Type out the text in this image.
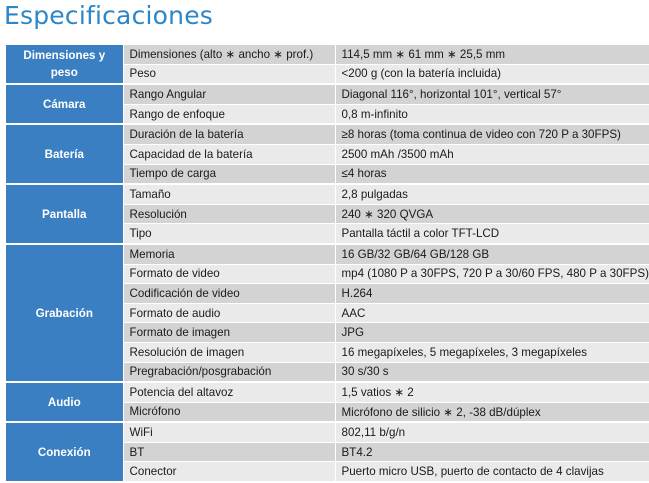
Especificaciones
Dimensiones y peso	Dimensiones (alto ∗ ancho ∗ prof.)	114,5 mm ∗ 61 mm ∗ 25,5 mm
	Peso	<200 g (con la batería incluida)
Cámara	Rango Angular	Diagonal 116°, horizontal 101°, vertical 57°
	Rango de enfoque	0,8 m-infinito
Batería	Duración de la batería	≥8 horas (toma continua de video con 720 P a 30FPS)
	Capacidad de la batería	2500 mAh /3500 mAh
	Tiempo de carga	≤4 horas
Pantalla	Tamaño	2,8 pulgadas
	Resolución	240 ∗ 320 QVGA
	Tipo	Pantalla táctil a color TFT-LCD
Grabación	Memoria	16 GB/32 GB/64 GB/128 GB
	Formato de video	mp4 (1080 P a 30FPS, 720 P a 30/60 FPS, 480 P a 30FPS)
	Codificación de video	H.264
	Formato de audio	AAC
	Formato de imagen	JPG
	Resolución de imagen	16 megapíxeles, 5 megapíxeles, 3 megapíxeles
	Pregrabación/posgrabación	30 s/30 s
Audio	Potencia del altavoz	1,5 vatios ∗ 2
	Micrófono	Micrófono de silicio ∗ 2, -38 dB/dúplex
Conexión	WiFi	802,11 b/g/n
	BT	BT4.2
	Conector	Puerto micro USB, puerto de contacto de 4 clavijas
